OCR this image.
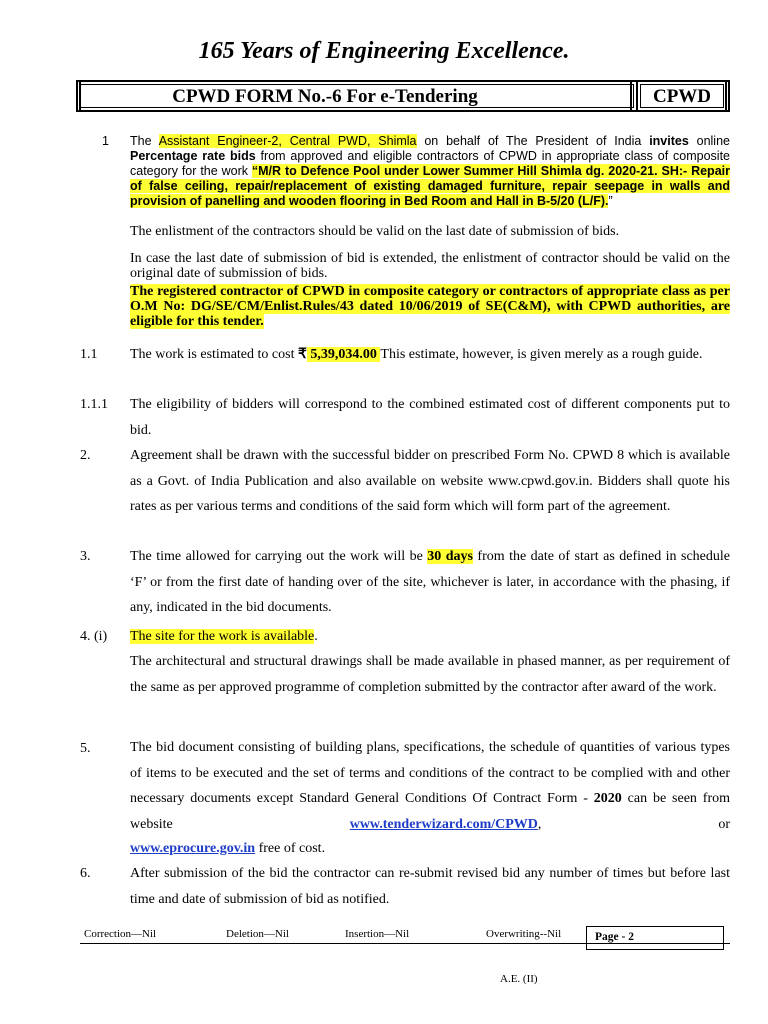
165 Years of Engineering Excellence.
CPWD FORM No.-6 For e-Tendering	CPWD
1 The Assistant Engineer-2, Central PWD, Shimla on behalf of The President of India invites online Percentage rate bids from approved and eligible contractors of CPWD in appropriate class of composite category for the work “M/R to Defence Pool under Lower Summer Hill Shimla dg. 2020-21. SH:- Repair of false ceiling, repair/replacement of existing damaged furniture, repair seepage in walls and provision of panelling and wooden flooring in Bed Room and Hall in B-5/20 (L/F).”
The enlistment of the contractors should be valid on the last date of submission of bids.
In case the last date of submission of bid is extended, the enlistment of contractor should be valid on the original date of submission of bids.
The registered contractor of CPWD in composite category or contractors of appropriate class as per O.M No: DG/SE/CM/Enlist.Rules/43 dated 10/06/2019 of SE(C&M), with CPWD authorities, are eligible for this tender.
1.1 The work is estimated to cost ₹ 5,39,034.00 This estimate, however, is given merely as a rough guide.
1.1.1 The eligibility of bidders will correspond to the combined estimated cost of different components put to bid.
2.	Agreement shall be drawn with the successful bidder on prescribed Form No. CPWD 8 which is available as a Govt. of India Publication and also available on website www.cpwd.gov.in. Bidders shall quote his rates as per various terms and conditions of the said form which will form part of the agreement.
3.	The time allowed for carrying out the work will be 30 days from the date of start as defined in schedule ‘F’ or from the first date of handing over of the site, whichever is later, in accordance with the phasing, if any, indicated in the bid documents.
4. (i) The site for the work is available.
The architectural and structural drawings shall be made available in phased manner, as per requirement of the same as per approved programme of completion submitted by the contractor after award of the work.
5.	The bid document consisting of building plans, specifications, the schedule of quantities of various types of items to be executed and the set of terms and conditions of the contract to be complied with and other necessary documents except Standard General Conditions Of Contract Form - 2020 can be seen from website www.tenderwizard.com/CPWD, or
www.eprocure.gov.in free of cost.
6.	After submission of the bid the contractor can re-submit revised bid any number of times but before last time and date of submission of bid as notified.
Correction—Nil	Deletion—Nil	Insertion—Nil	Overwriting--Nil	Page - 2
A.E. (II)
